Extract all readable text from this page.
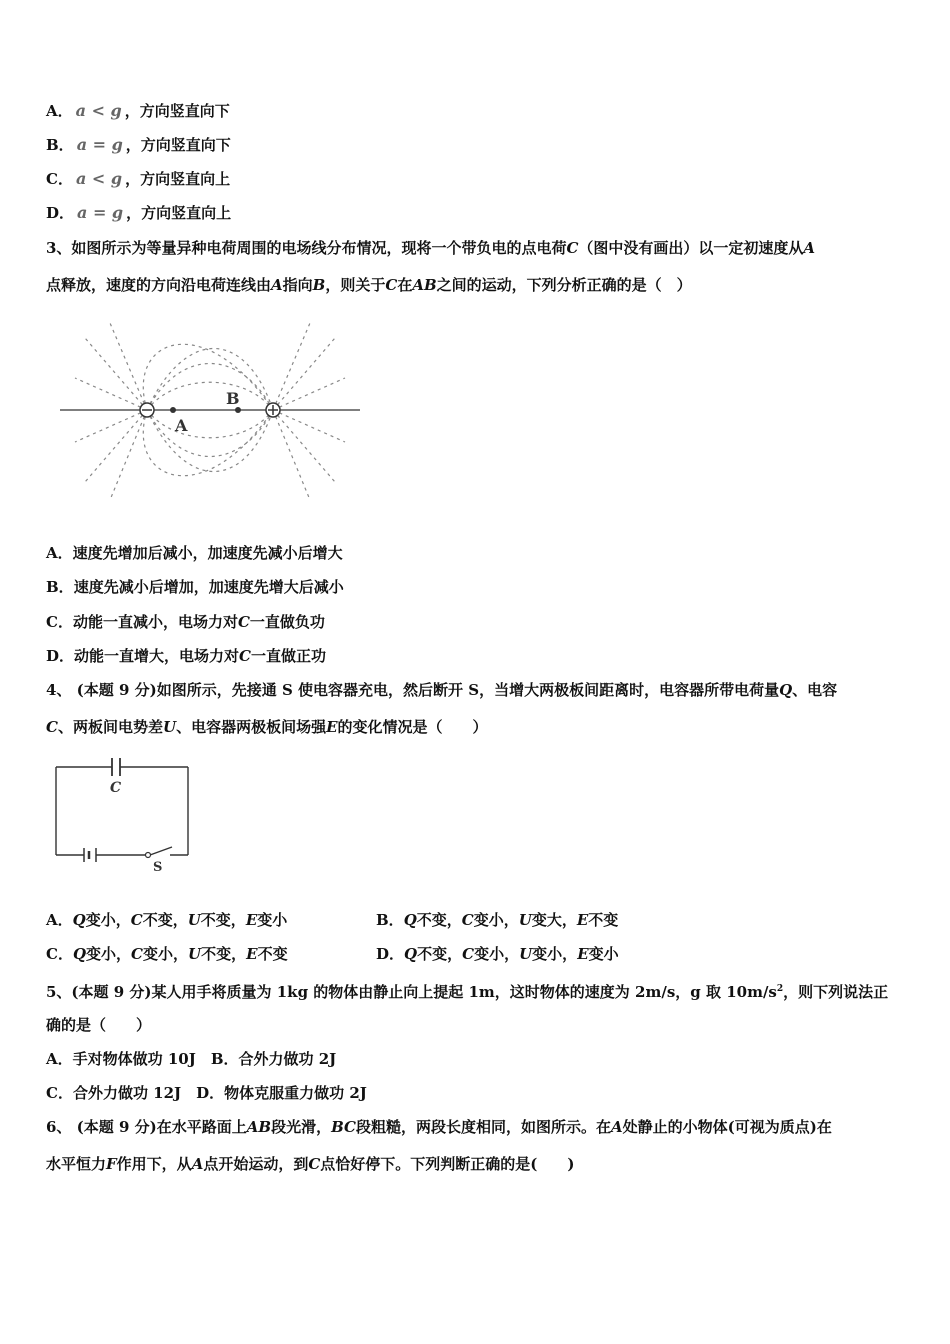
A． a < g ，方向竖直向下
B． a = g ，方向竖直向下
C． a < g ，方向竖直向上
D． a = g ，方向竖直向上
3、如图所示为等量异种电荷周围的电场线分布情况，现将一个带负电的点电荷C（图中没有画出）以一定初速度从A
点释放，速度的方向沿电荷连线由A指向B，则关于C在AB之间的运动，下列分析正确的是（　）
A
B
A．速度先增加后减小，加速度先减小后增大
B．速度先减小后增加，加速度先增大后减小
C．动能一直减小，电场力对C一直做负功
D．动能一直增大，电场力对C一直做正功
4、 (本题 9 分)如图所示，先接通 S 使电容器充电，然后断开 S，当增大两极板间距离时，电容器所带电荷量Q、电容
C、两板间电势差U、电容器两极板间场强E的变化情况是（　　）
C
S
A．Q变小，C不变，U不变，E变小	B．Q不变，C变小，U变大，E不变
C．Q变小，C变小，U不变，E不变	D．Q不变，C变小，U变小，E变小
5、(本题 9 分)某人用手将质量为 1kg 的物体由静止向上提起 1m，这时物体的速度为 2m/s，g 取 $10m/s^2$，则下列说法正
确的是（　　）
A．手对物体做功 10J　B．合外力做功 2J
C．合外力做功 12J　D．物体克服重力做功 2J
6、 (本题 9 分)在水平路面上AB段光滑，BC段粗糙，两段长度相同，如图所示。在A处静止的小物体(可视为质点)在
水平恒力F作用下，从A点开始运动，到C点恰好停下。下列判断正确的是(　　)
